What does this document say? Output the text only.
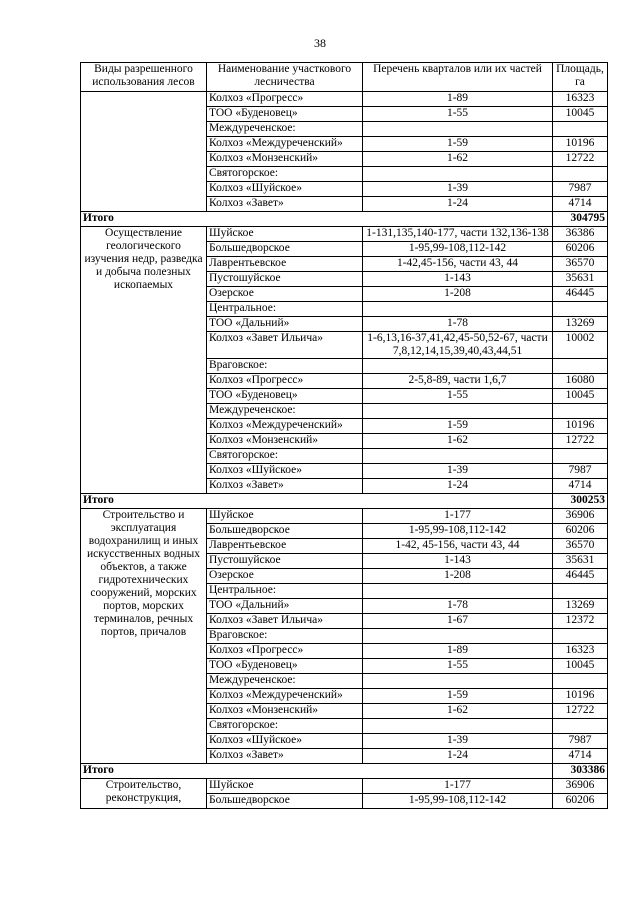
38
Виды разрешенного использования лесов	Наименование участкового лесничества	Перечень кварталов или их частей	Площадь, га
	Колхоз «Прогресс»	1-89	16323
	ТОО «Буденовец»	1-55	10045
	Междуреченское:		
	Колхоз «Междуреченский»	1-59	10196
	Колхоз «Монзенский»	1-62	12722
	Святогорское:		
	Колхоз «Шуйское»	1-39	7987
	Колхоз «Завет»	1-24	4714
Итого			304795
Осуществление геологического изучения недр, разведка и добыча полезных ископаемых	Шуйское	1-131,135,140-177, части 132,136-138	36386
	Большедворское	1-95,99-108,112-142	60206
	Лаврентьевское	1-42,45-156, части 43, 44	36570
	Пустошуйское	1-143	35631
	Озерское	1-208	46445
	Центральное:		
	ТОО «Дальний»	1-78	13269
	Колхоз «Завет Ильича»	1-6,13,16-37,41,42,45-50,52-67, части 7,8,12,14,15,39,40,43,44,51	10002
	Враговское:		
	Колхоз «Прогресс»	2-5,8-89, части 1,6,7	16080
	ТОО «Буденовец»	1-55	10045
	Междуреченское:		
	Колхоз «Междуреченский»	1-59	10196
	Колхоз «Монзенский»	1-62	12722
	Святогорское:		
	Колхоз «Шуйское»	1-39	7987
	Колхоз «Завет»	1-24	4714
Итого			300253
Строительство и эксплуатация водохранилищ и иных искусственных водных объектов, а также гидротехнических сооружений, морских портов, морских терминалов, речных портов, причалов	Шуйское	1-177	36906
	Большедворское	1-95,99-108,112-142	60206
	Лаврентьевское	1-42, 45-156, части 43, 44	36570
	Пустошуйское	1-143	35631
	Озерское	1-208	46445
	Центральное:		
	ТОО «Дальний»	1-78	13269
	Колхоз «Завет Ильича»	1-67	12372
	Враговское:		
	Колхоз «Прогресс»	1-89	16323
	ТОО «Буденовец»	1-55	10045
	Междуреченское:		
	Колхоз «Междуреченский»	1-59	10196
	Колхоз «Монзенский»	1-62	12722
	Святогорское:		
	Колхоз «Шуйское»	1-39	7987
	Колхоз «Завет»	1-24	4714
Итого			303386
Строительство, реконструкция,	Шуйское	1-177	36906
	Большедворское	1-95,99-108,112-142	60206
